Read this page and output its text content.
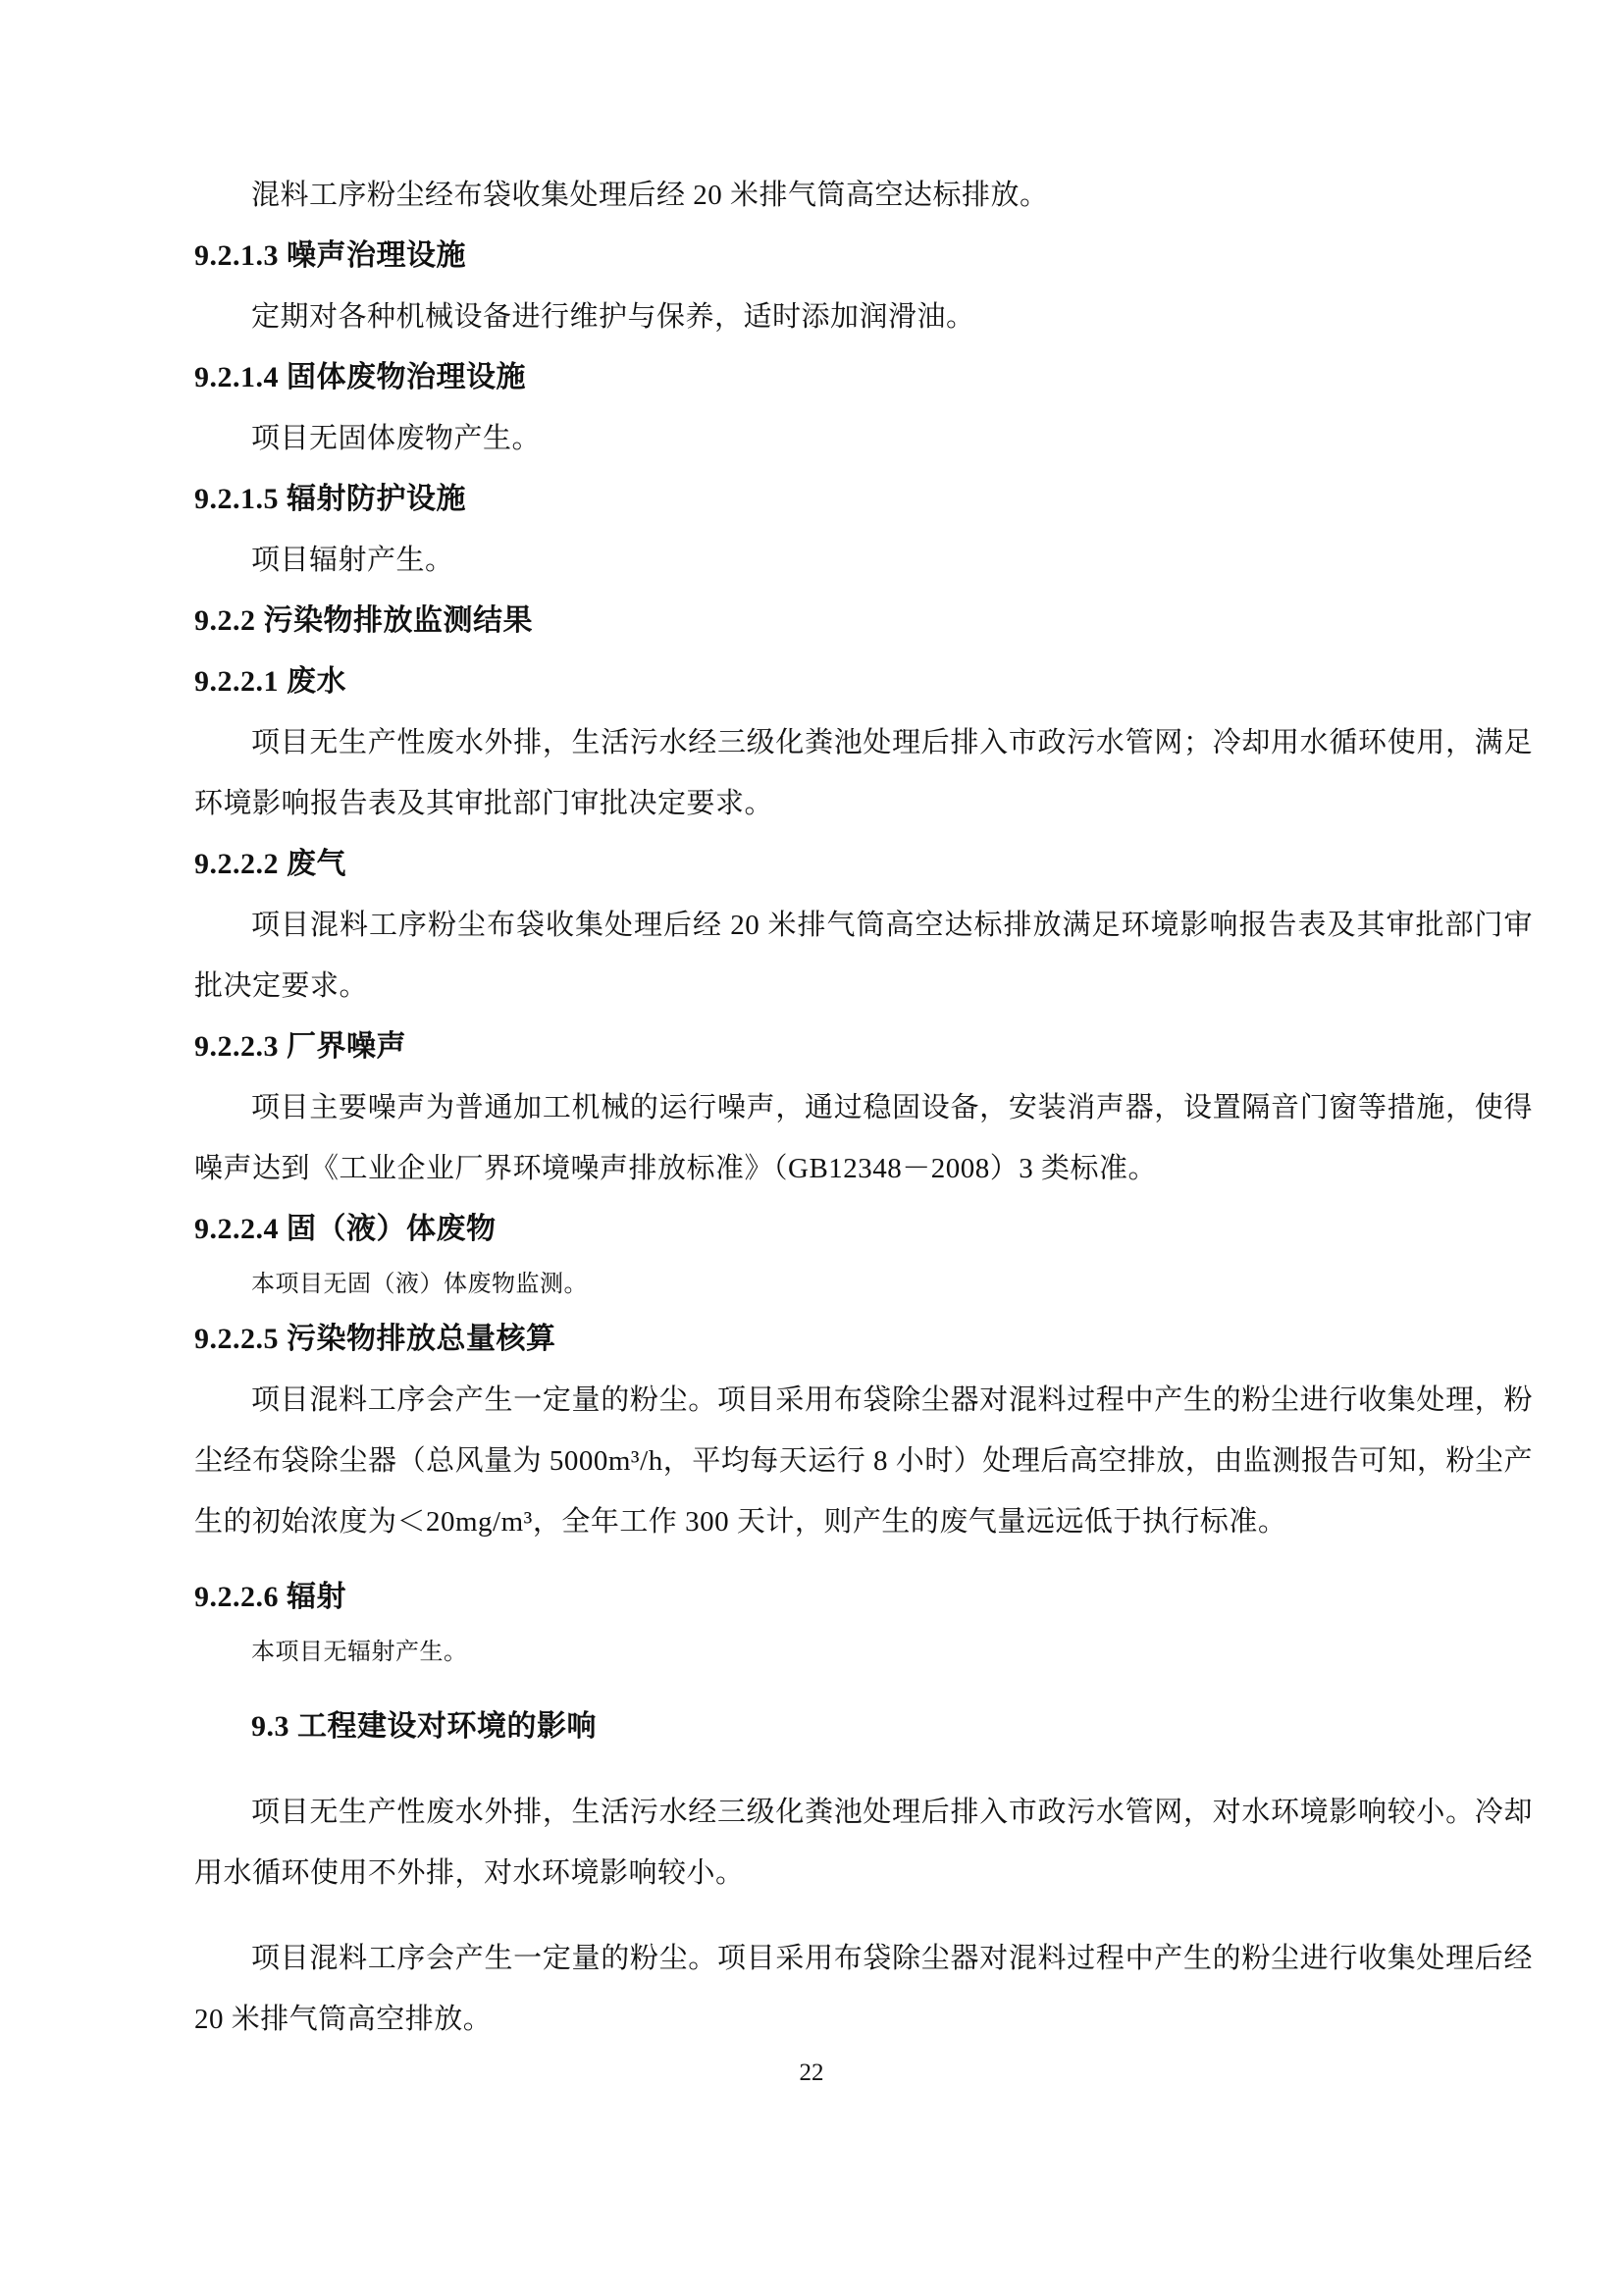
混料工序粉尘经布袋收集处理后经 20 米排气筒高空达标排放。

9.2.1.3 噪声治理设施

定期对各种机械设备进行维护与保养，适时添加润滑油。

9.2.1.4 固体废物治理设施

项目无固体废物产生。

9.2.1.5 辐射防护设施

项目辐射产生。

9.2.2 污染物排放监测结果
9.2.2.1 废水

项目无生产性废水外排，生活污水经三级化粪池处理后排入市政污水管网；冷却用水循环使用，满足环境影响报告表及其审批部门审批决定要求。

9.2.2.2 废气

项目混料工序粉尘布袋收集处理后经 20 米排气筒高空达标排放满足环境影响报告表及其审批部门审批决定要求。

9.2.2.3 厂界噪声

项目主要噪声为普通加工机械的运行噪声，通过稳固设备，安装消声器，设置隔音门窗等措施，使得噪声达到《工业企业厂界环境噪声排放标准》（GB12348－2008）3 类标准。

9.2.2.4 固（液）体废物

本项目无固（液）体废物监测。

9.2.2.5 污染物排放总量核算

项目混料工序会产生一定量的粉尘。项目采用布袋除尘器对混料过程中产生的粉尘进行收集处理，粉尘经布袋除尘器（总风量为 5000m³/h，平均每天运行 8 小时）处理后高空排放，由监测报告可知，粉尘产生的初始浓度为＜20mg/m³，全年工作 300 天计，则产生的废气量远远低于执行标准。

9.2.2.6 辐射

本项目无辐射产生。

9.3 工程建设对环境的影响

项目无生产性废水外排，生活污水经三级化粪池处理后排入市政污水管网，对水环境影响较小。冷却用水循环使用不外排，对水环境影响较小。

项目混料工序会产生一定量的粉尘。项目采用布袋除尘器对混料过程中产生的粉尘进行收集处理后经 20 米排气筒高空排放。

22
